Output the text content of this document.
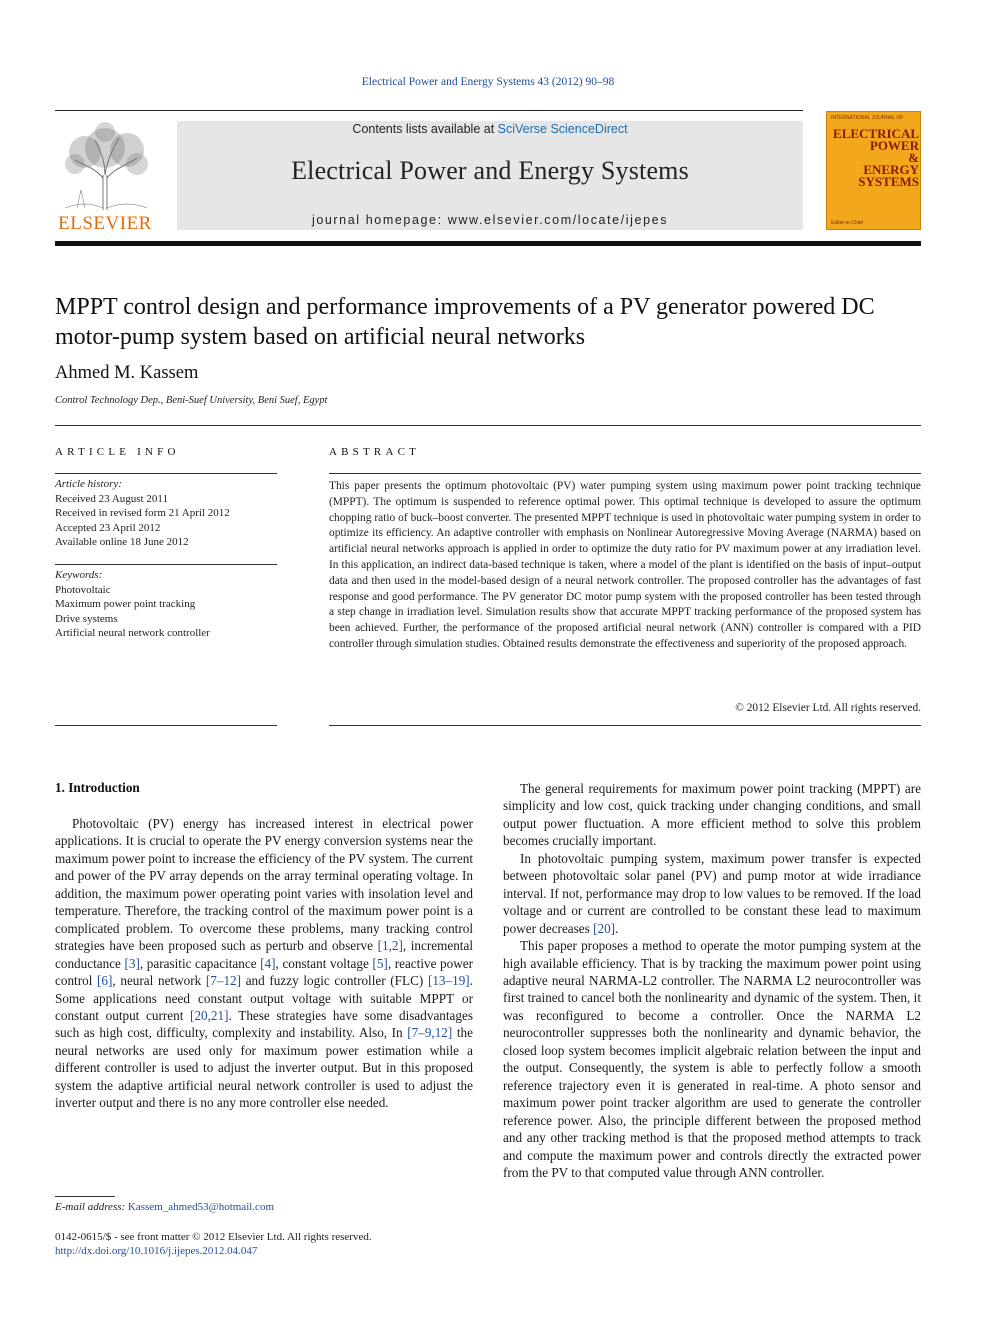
Electrical Power and Energy Systems 43 (2012) 90–98
ELSEVIER
Contents lists available at SciVerse ScienceDirect
Electrical Power and Energy Systems
journal homepage: www.elsevier.com/locate/ijepes
INTERNATIONAL JOURNAL OF
ELECTRICAL
POWER
&
ENERGY
SYSTEMS
Editor-in-Chief
MPPT control design and performance improvements of a PV generator powered DC motor-pump system based on artificial neural networks
Ahmed M. Kassem
Control Technology Dep., Beni-Suef University, Beni Suef, Egypt
ARTICLE INFO
Article history:
Received 23 August 2011
Received in revised form 21 April 2012
Accepted 23 April 2012
Available online 18 June 2012
Keywords:
Photovoltaic
Maximum power point tracking
Drive systems
Artificial neural network controller
ABSTRACT
This paper presents the optimum photovoltaic (PV) water pumping system using maximum power point tracking technique (MPPT). The optimum is suspended to reference optimal power. This optimal technique is developed to assure the optimum chopping ratio of buck–boost converter. The presented MPPT technique is used in photovoltaic water pumping system in order to optimize its efficiency. An adaptive controller with emphasis on Nonlinear Autoregressive Moving Average (NARMA) based on artificial neural networks approach is applied in order to optimize the duty ratio for PV maximum power at any irradiation level. In this application, an indirect data-based technique is taken, where a model of the plant is identified on the basis of input–output data and then used in the model-based design of a neural network controller. The proposed controller has the advantages of fast response and good performance. The PV generator DC motor pump system with the proposed controller has been tested through a step change in irradiation level. Simulation results show that accurate MPPT tracking performance of the proposed system has been achieved. Further, the performance of the proposed artificial neural network (ANN) controller is compared with a PID controller through simulation studies. Obtained results demonstrate the effectiveness and superiority of the proposed approach.
© 2012 Elsevier Ltd. All rights reserved.
1. Introduction

Photovoltaic (PV) energy has increased interest in electrical power applications. It is crucial to operate the PV energy conversion systems near the maximum power point to increase the efficiency of the PV system. The current and power of the PV array depends on the array terminal operating voltage. In addition, the maximum power operating point varies with insolation level and temperature. Therefore, the tracking control of the maximum power point is a complicated problem. To overcome these problems, many tracking control strategies have been proposed such as perturb and observe [1,2], incremental conductance [3], parasitic capacitance [4], constant voltage [5], reactive power control [6], neural network [7–12] and fuzzy logic controller (FLC) [13–19]. Some applications need constant output voltage with suitable MPPT or constant output current [20,21]. These strategies have some disadvantages such as high cost, difficulty, complexity and instability. Also, In [7–9,12] the neural networks are used only for maximum power estimation while a different controller is used to adjust the inverter output. But in this proposed system the adaptive artificial neural network controller is used to adjust the inverter output and there is no any more controller else needed.

The general requirements for maximum power point tracking (MPPT) are simplicity and low cost, quick tracking under changing conditions, and small output power fluctuation. A more efficient method to solve this problem becomes crucially important.

In photovoltaic pumping system, maximum power transfer is expected between photovoltaic solar panel (PV) and pump motor at wide irradiance interval. If not, performance may drop to low values to be removed. If the load voltage and or current are controlled to be constant these lead to maximum power decreases [20].

This paper proposes a method to operate the motor pumping system at the high available efficiency. That is by tracking the maximum power point using adaptive neural NARMA-L2 controller. The NARMA L2 neurocontroller was first trained to cancel both the nonlinearity and dynamic of the system. Then, it was reconfigured to become a controller. Once the NARMA L2 neurocontroller suppresses both the nonlinearity and dynamic behavior, the closed loop system becomes implicit algebraic relation between the input and the output. Consequently, the system is able to perfectly follow a smooth reference trajectory even it is generated in real-time. A photo sensor and maximum power point tracker algorithm are used to generate the controller reference power. Also, the principle different between the proposed method and any other tracking method is that the proposed method attempts to track and compute the maximum power and controls directly the extracted power from the PV to that computed value through ANN controller.

E-mail address: Kassem_ahmed53@hotmail.com
0142-0615/$ - see front matter © 2012 Elsevier Ltd. All rights reserved.
http://dx.doi.org/10.1016/j.ijepes.2012.04.047
